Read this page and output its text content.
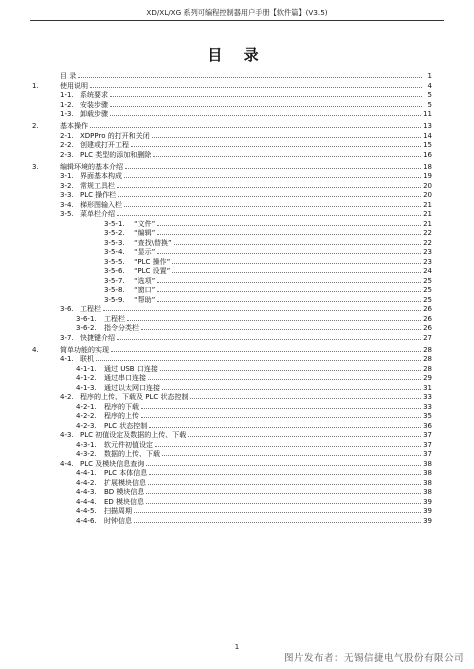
XD/XL/XG 系列可编程控制器用户手册【软件篇】(V3.5)
目 录
目 录	1
1.	使用说明	4
1-1. 系统要求	5
1-2. 安装步骤	5
1-3. 卸载步骤	11
2.	基本操作	13
2-1. XDPPro 的打开和关闭	14
2-2. 创建或打开工程	15
2-3. PLC 类型的添加和删除	16
3.	编辑环境的基本介绍	18
3-1. 界面基本构成	19
3-2. 常规工具栏	20
3-3. PLC 操作栏	20
3-4. 梯形图输入栏	21
3-5. 菜单栏介绍	21
3-5-1.	“文件”	21
3-5-2.	“编辑”	22
3-5-3.	“查找\替换”	22
3-5-4.	“显示”	23
3-5-5.	“PLC 操作”	23
3-5-6.	“PLC 设置”	24
3-5-7.	“选项”	25
3-5-8.	“窗口”	25
3-5-9.	“帮助”	25
3-6. 工程栏	26
3-6-1.	工程栏	26
3-6-2.	指令分类栏	26
3-7. 快捷键介绍	27
4.	简单功能的实现	28
4-1. 联机	28
4-1-1.	通过 USB 口连接	28
4-1-2.	通过串口连接	29
4-1-3.	通过以太网口连接	31
4-2. 程序的上传、下载及 PLC 状态控制	33
4-2-1.	程序的下载	33
4-2-2.	程序的上传	35
4-2-3.	PLC 状态控制	36
4-3. PLC 初值设定及数据的上传、下载	37
4-3-1.	软元件初值设定	37
4-3-2.	数据的上传、下载	37
4-4. PLC 及模块信息查询	38
4-4-1.	PLC 本体信息	38
4-4-2.	扩展模块信息	38
4-4-3.	BD 模块信息	38
4-4-4.	ED 模块信息	39
4-4-5.	扫描周期	39
4-4-6.	时钟信息	39
1
图片发布者：无锡信捷电气股份有限公司
